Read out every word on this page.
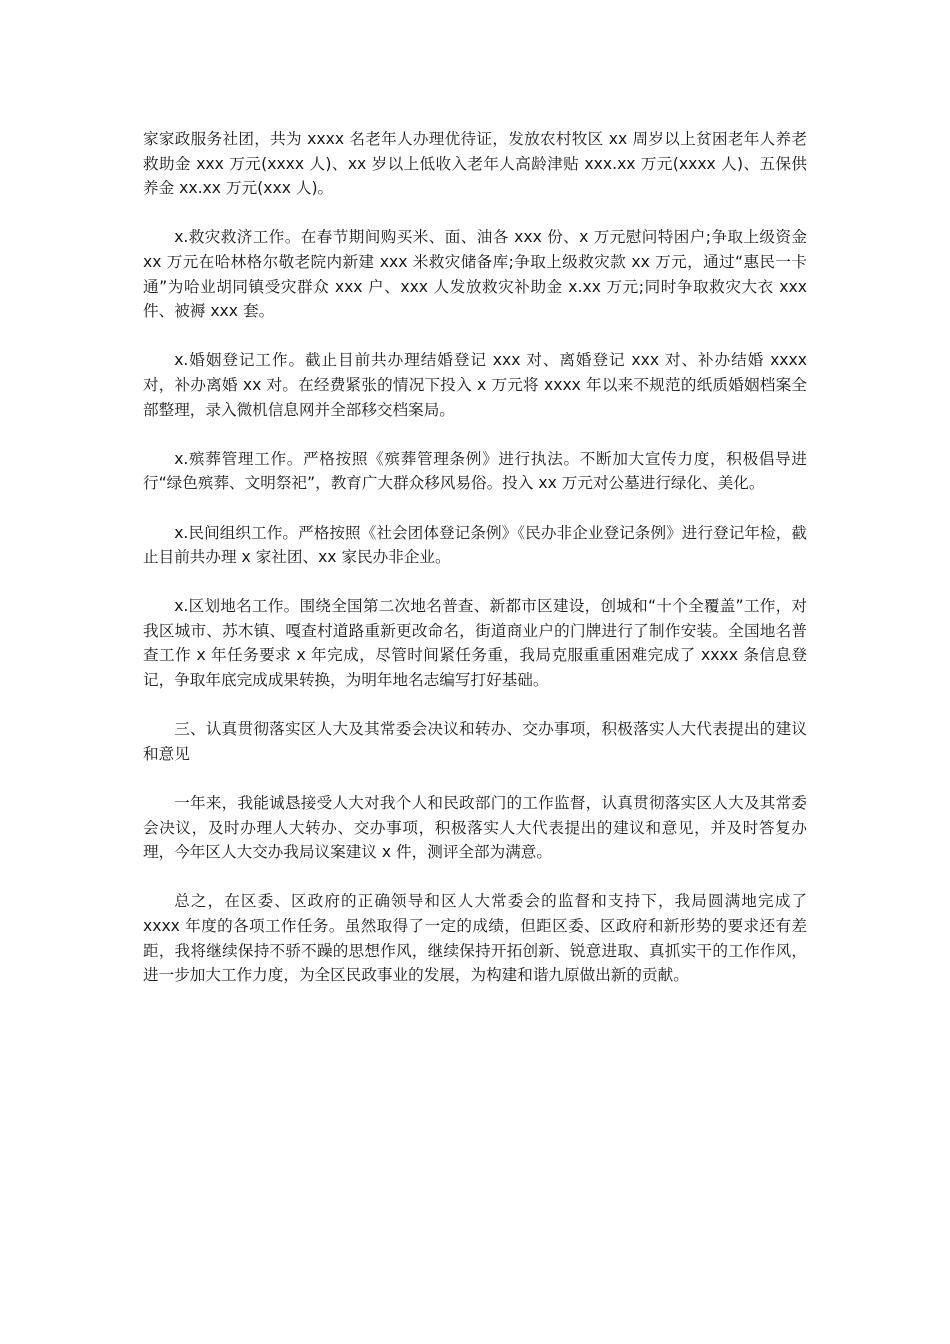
家家政服务社团，共为 xxxx 名老年人办理优待证，发放农村牧区 xx 周岁以上贫困老年人养老救助金 xxx 万元(xxxx 人)、xx 岁以上低收入老年人高龄津贴 xxx.xx 万元(xxxx 人)、五保供养金 xx.xx 万元(xxx 人)。

x.救灾救济工作。在春节期间购买米、面、油各 xxx 份、x 万元慰问特困户;争取上级资金 xx 万元在哈林格尔敬老院内新建 xxx 米救灾储备库;争取上级救灾款 xx 万元，通过“惠民一卡通”为哈业胡同镇受灾群众 xxx 户、xxx 人发放救灾补助金 x.xx 万元;同时争取救灾大衣 xxx 件、被褥 xxx 套。

x.婚姻登记工作。截止目前共办理结婚登记 xxx 对、离婚登记 xxx 对、补办结婚 xxxx 对，补办离婚 xx 对。在经费紧张的情况下投入 x 万元将 xxxx 年以来不规范的纸质婚姻档案全部整理，录入微机信息网并全部移交档案局。

x.殡葬管理工作。严格按照《殡葬管理条例》进行执法。不断加大宣传力度，积极倡导进行“绿色殡葬、文明祭祀”，教育广大群众移风易俗。投入 xx 万元对公墓进行绿化、美化。

x.民间组织工作。严格按照《社会团体登记条例》《民办非企业登记条例》进行登记年检，截止目前共办理 x 家社团、xx 家民办非企业。

x.区划地名工作。围绕全国第二次地名普查、新都市区建设，创城和“十个全覆盖”工作，对我区城市、苏木镇、嘎查村道路重新更改命名，街道商业户的门牌进行了制作安装。全国地名普查工作 x 年任务要求 x 年完成，尽管时间紧任务重，我局克服重重困难完成了 xxxx 条信息登记，争取年底完成成果转换，为明年地名志编写打好基础。

三、认真贯彻落实区人大及其常委会决议和转办、交办事项，积极落实人大代表提出的建议和意见

一年来，我能诚恳接受人大对我个人和民政部门的工作监督，认真贯彻落实区人大及其常委会决议，及时办理人大转办、交办事项，积极落实人大代表提出的建议和意见，并及时答复办理，今年区人大交办我局议案建议 x 件，测评全部为满意。

总之，在区委、区政府的正确领导和区人大常委会的监督和支持下，我局圆满地完成了 xxxx 年度的各项工作任务。虽然取得了一定的成绩，但距区委、区政府和新形势的要求还有差距，我将继续保持不骄不躁的思想作风，继续保持开拓创新、锐意进取、真抓实干的工作作风，进一步加大工作力度，为全区民政事业的发展，为构建和谐九原做出新的贡献。
